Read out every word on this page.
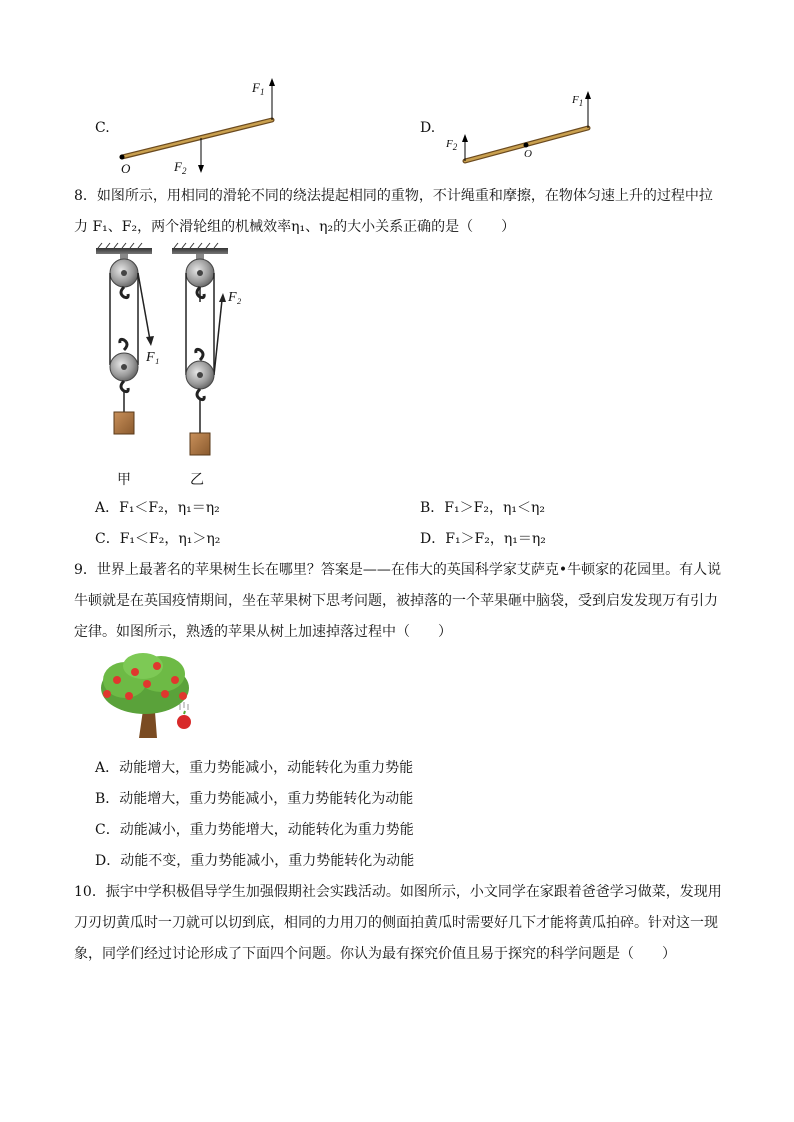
C.
$F_1$
$F_2$
O
D.
$F_1$
$F_2$
O
8．如图所示，用相同的滑轮不同的绕法提起相同的重物，不计绳重和摩擦，在物体匀速上升的过程中拉
力 F₁、F₂，两个滑轮组的机械效率η₁、η₂的大小关系正确的是（　　）
F₁
F₂
甲	乙
A．F₁＜F₂，η₁＝η₂	B．F₁＞F₂，η₁＜η₂
C．F₁＜F₂，η₁＞η₂	D．F₁＞F₂，η₁＝η₂
9．世界上最著名的苹果树生长在哪里？答案是——在伟大的英国科学家艾萨克•牛顿家的花园里。有人说
牛顿就是在英国疫情期间，坐在苹果树下思考问题，被掉落的一个苹果砸中脑袋，受到启发发现万有引力
定律。如图所示，熟透的苹果从树上加速掉落过程中（　　）
A．动能增大，重力势能减小，动能转化为重力势能
B．动能增大，重力势能减小，重力势能转化为动能
C．动能减小，重力势能增大，动能转化为重力势能
D．动能不变，重力势能减小，重力势能转化为动能
10．振宇中学积极倡导学生加强假期社会实践活动。如图所示，小文同学在家跟着爸爸学习做菜，发现用
刀刃切黄瓜时一刀就可以切到底，相同的力用刀的侧面拍黄瓜时需要好几下才能将黄瓜拍碎。针对这一现
象，同学们经过讨论形成了下面四个问题。你认为最有探究价值且易于探究的科学问题是（　　）
